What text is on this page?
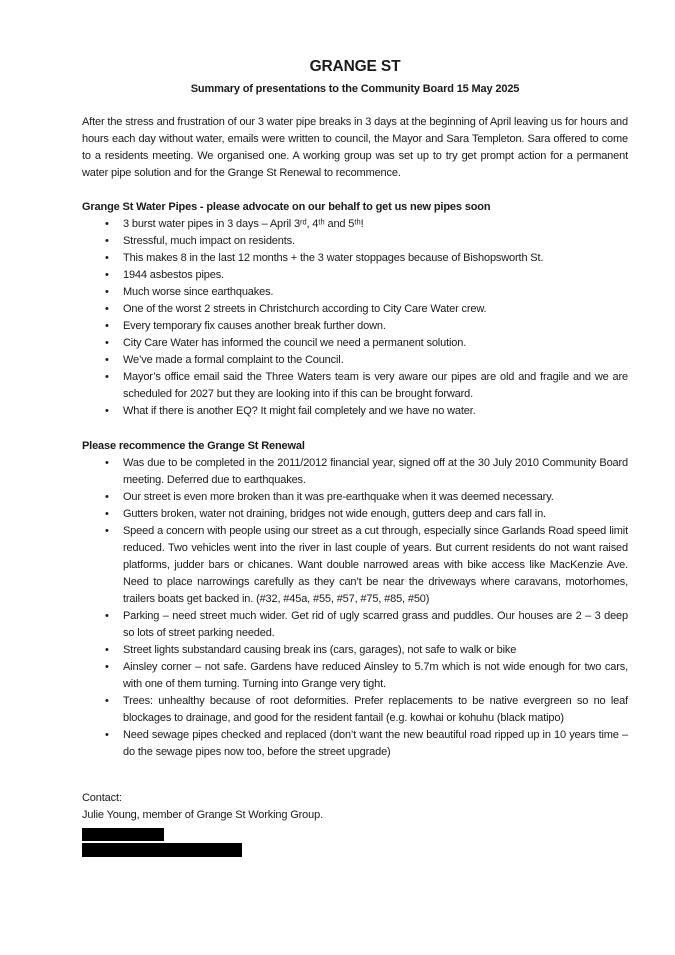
GRANGE ST
Summary of presentations to the Community Board 15 May 2025

After the stress and frustration of our 3 water pipe breaks in 3 days at the beginning of April leaving us for hours and hours each day without water, emails were written to council, the Mayor and Sara Templeton. Sara offered to come to a residents meeting. We organised one. A working group was set up to try get prompt action for a permanent water pipe solution and for the Grange St Renewal to recommence.

Grange St Water Pipes - please advocate on our behalf to get us new pipes soon
• 3 burst water pipes in 3 days – April 3ʳᵈ, 4ᵗʰ and 5ᵗʰ!
• Stressful, much impact on residents.
• This makes 8 in the last 12 months + the 3 water stoppages because of Bishopsworth St.
• 1944 asbestos pipes.
• Much worse since earthquakes.
• One of the worst 2 streets in Christchurch according to City Care Water crew.
• Every temporary fix causes another break further down.
• City Care Water has informed the council we need a permanent solution.
• We’ve made a formal complaint to the Council.
• Mayor’s office email said the Three Waters team is very aware our pipes are old and fragile and we are scheduled for 2027 but they are looking into if this can be brought forward.
• What if there is another EQ? It might fail completely and we have no water.
Please recommence the Grange St Renewal
• Was due to be completed in the 2011/2012 financial year, signed off at the 30 July 2010 Community Board meeting. Deferred due to earthquakes.
• Our street is even more broken than it was pre-earthquake when it was deemed necessary.
• Gutters broken, water not draining, bridges not wide enough, gutters deep and cars fall in.
• Speed a concern with people using our street as a cut through, especially since Garlands Road speed limit reduced. Two vehicles went into the river in last couple of years. But current residents do not want raised platforms, judder bars or chicanes. Want double narrowed areas with bike access like MacKenzie Ave. Need to place narrowings carefully as they can’t be near the driveways where caravans, motorhomes, trailers boats get backed in. (#32, #45a, #55, #57, #75, #85, #50)
• Parking – need street much wider. Get rid of ugly scarred grass and puddles. Our houses are 2 – 3 deep so lots of street parking needed.
• Street lights substandard causing break ins (cars, garages), not safe to walk or bike
• Ainsley corner – not safe. Gardens have reduced Ainsley to 5.7m which is not wide enough for two cars, with one of them turning. Turning into Grange very tight.
• Trees: unhealthy because of root deformities. Prefer replacements to be native evergreen so no leaf blockages to drainage, and good for the resident fantail (e.g. kowhai or kohuhu (black matipo)
• Need sewage pipes checked and replaced (don’t want the new beautiful road ripped up in 10 years time – do the sewage pipes now too, before the street upgrade)
Contact:
Julie Young, member of Grange St Working Group.
